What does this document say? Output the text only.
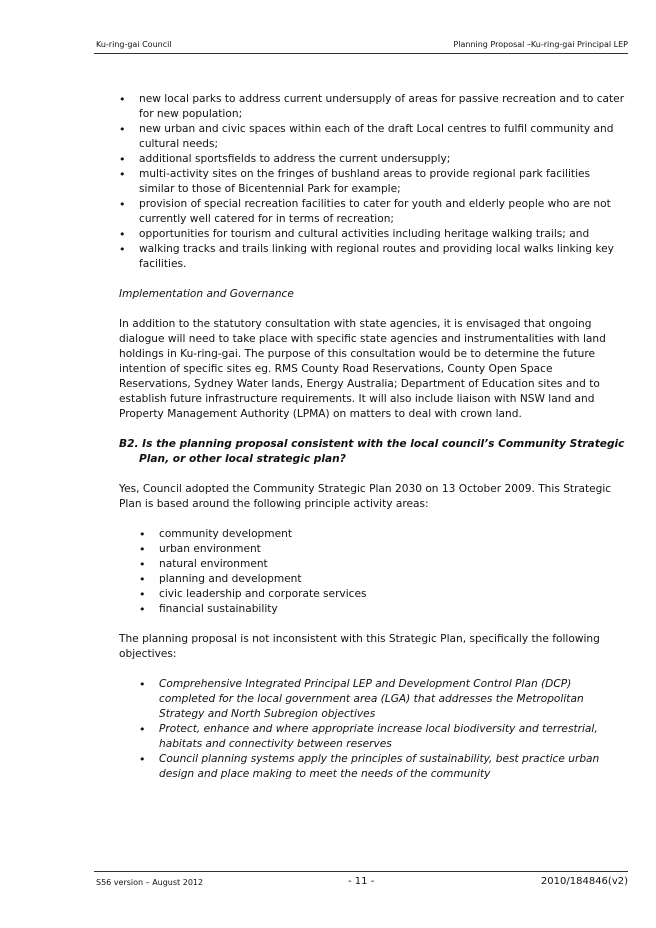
Ku-ring-gai Council	Planning Proposal –Ku-ring-gai Principal LEP
• new local parks to address current undersupply of areas for passive recreation and to cater for new population;
• new urban and civic spaces within each of the draft Local centres to fulfil community and cultural needs;
• additional sportsfields to address the current undersupply;
• multi-activity sites on the fringes of bushland areas to provide regional park facilities similar to those of Bicentennial Park for example;
• provision of special recreation facilities to cater for youth and elderly people who are not currently well catered for in terms of recreation;
• opportunities for tourism and cultural activities including heritage walking trails; and
• walking tracks and trails linking with regional routes and providing local walks linking key facilities.

Implementation and Governance

In addition to the statutory consultation with state agencies, it is envisaged that ongoing dialogue will need to take place with specific state agencies and instrumentalities with land holdings in Ku-ring-gai. The purpose of this consultation would be to determine the future intention of specific sites eg. RMS County Road Reservations, County Open Space Reservations, Sydney Water lands, Energy Australia; Department of Education sites and to establish future infrastructure requirements. It will also include liaison with NSW land and Property Management Authority (LPMA) on matters to deal with crown land.

B2. Is the planning proposal consistent with the local council’s Community Strategic Plan, or other local strategic plan?

Yes, Council adopted the Community Strategic Plan 2030 on 13 October 2009. This Strategic Plan is based around the following principle activity areas:

• community development
• urban environment
• natural environment
• planning and development
• civic leadership and corporate services
• financial sustainability

The planning proposal is not inconsistent with this Strategic Plan, specifically the following objectives:

• Comprehensive Integrated Principal LEP and Development Control Plan (DCP) completed for the local government area (LGA) that addresses the Metropolitan Strategy and North Subregion objectives
• Protect, enhance and where appropriate increase local biodiversity and terrestrial, habitats and connectivity between reserves
• Council planning systems apply the principles of sustainability, best practice urban design and place making to meet the needs of the community
S56 version – August 2012	- 11 -	2010/184846(v2)
